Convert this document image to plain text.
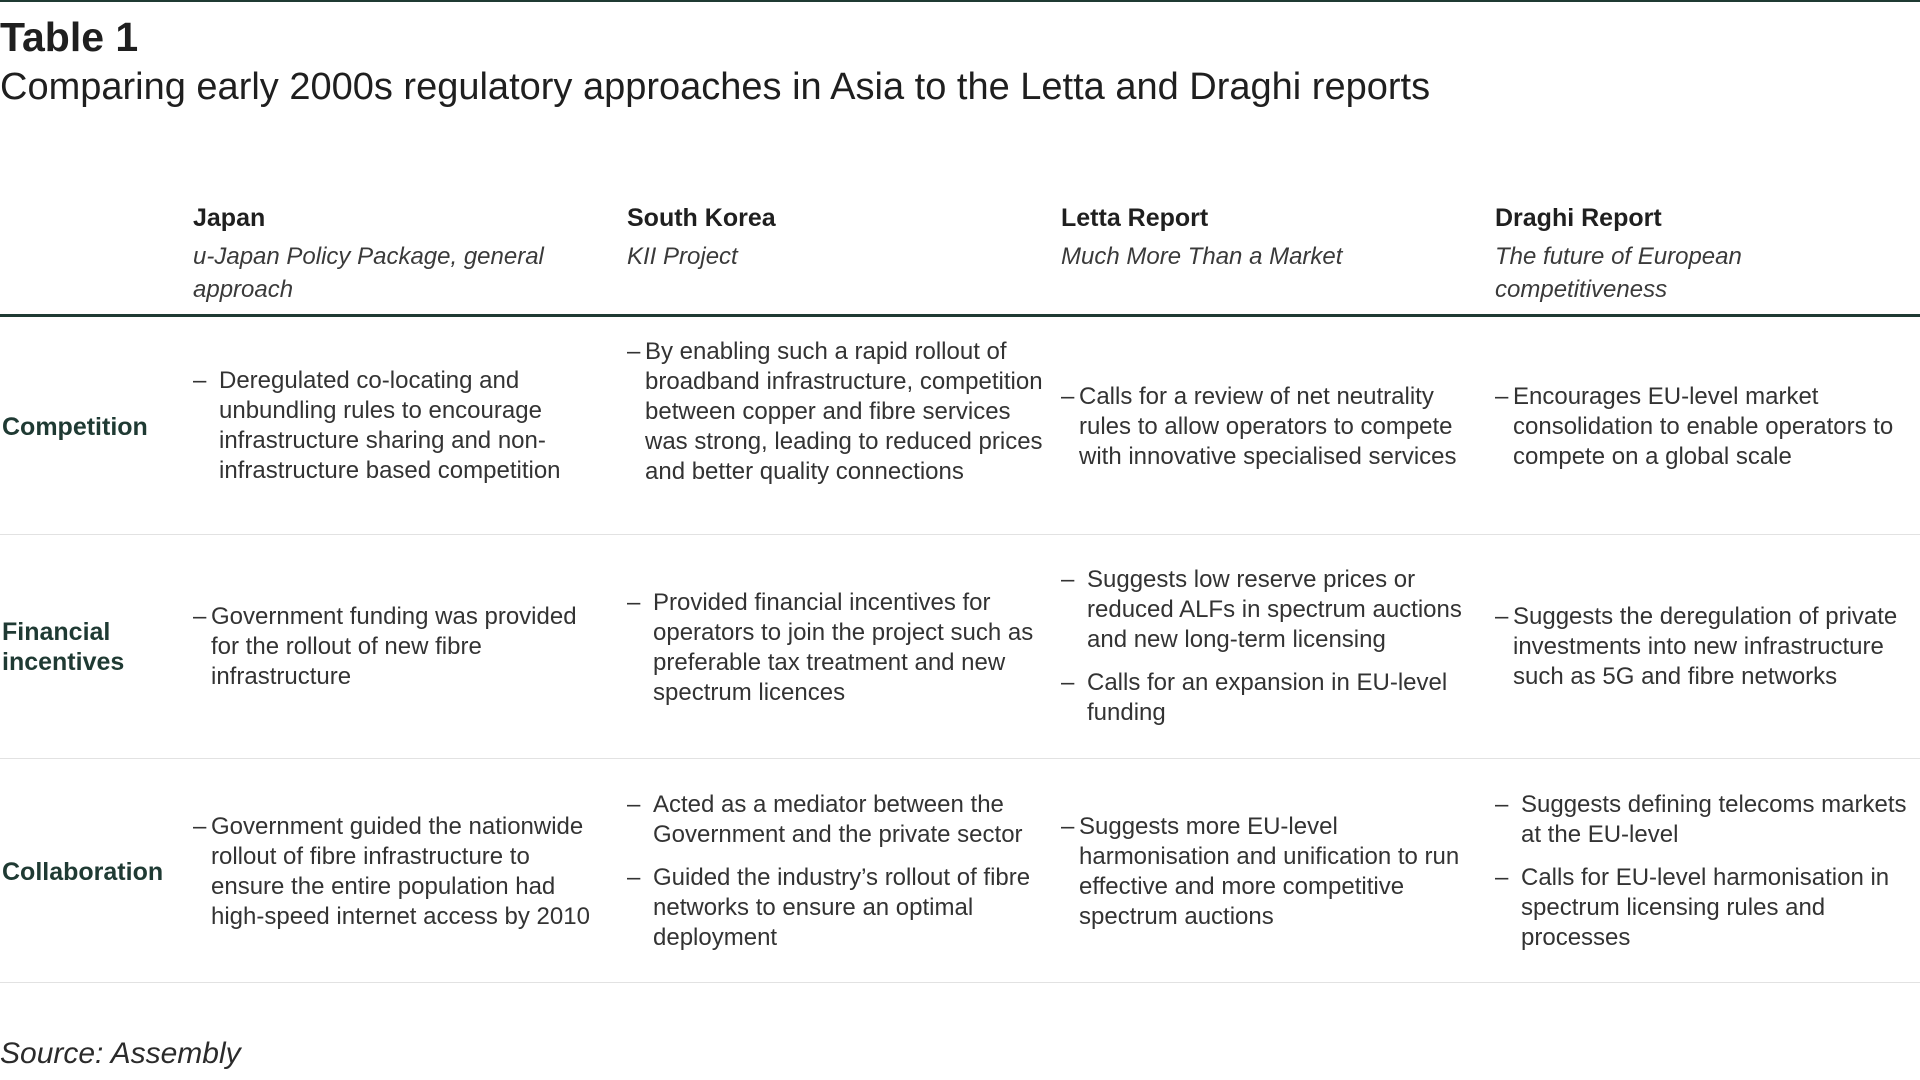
Table 1
Comparing early 2000s regulatory approaches in Asia to the Letta and Draghi reports
Japan
u-Japan Policy Package, general approach
South Korea
KII Project
Letta Report
Much More Than a Market
Draghi Report
The future of European competitiveness
Competition
– Deregulated co-locating and unbundling rules to encourage infrastructure sharing and non-infrastructure based competition
– By enabling such a rapid rollout of broadband infrastructure, competition between copper and fibre services was strong, leading to reduced prices and better quality connections
– Calls for a review of net neutrality rules to allow operators to compete with innovative specialised services
– Encourages EU-level market consolidation to enable operators to compete on a global scale
Financial incentives
– Government funding was provided for the rollout of new fibre infrastructure
– Provided financial incentives for operators to join the project such as preferable tax treatment and new spectrum licences
– Suggests low reserve prices or reduced ALFs in spectrum auctions and new long-term licensing
– Calls for an expansion in EU-level funding
– Suggests the deregulation of private investments into new infrastructure such as 5G and fibre networks
Collaboration
– Government guided the nationwide rollout of fibre infrastructure to ensure the entire population had high-speed internet access by 2010
– Acted as a mediator between the Government and the private sector
– Guided the industry’s rollout of fibre networks to ensure an optimal deployment
– Suggests more EU-level harmonisation and unification to run effective and more competitive spectrum auctions
– Suggests defining telecoms markets at the EU-level
– Calls for EU-level harmonisation in spectrum licensing rules and processes
Source: Assembly
